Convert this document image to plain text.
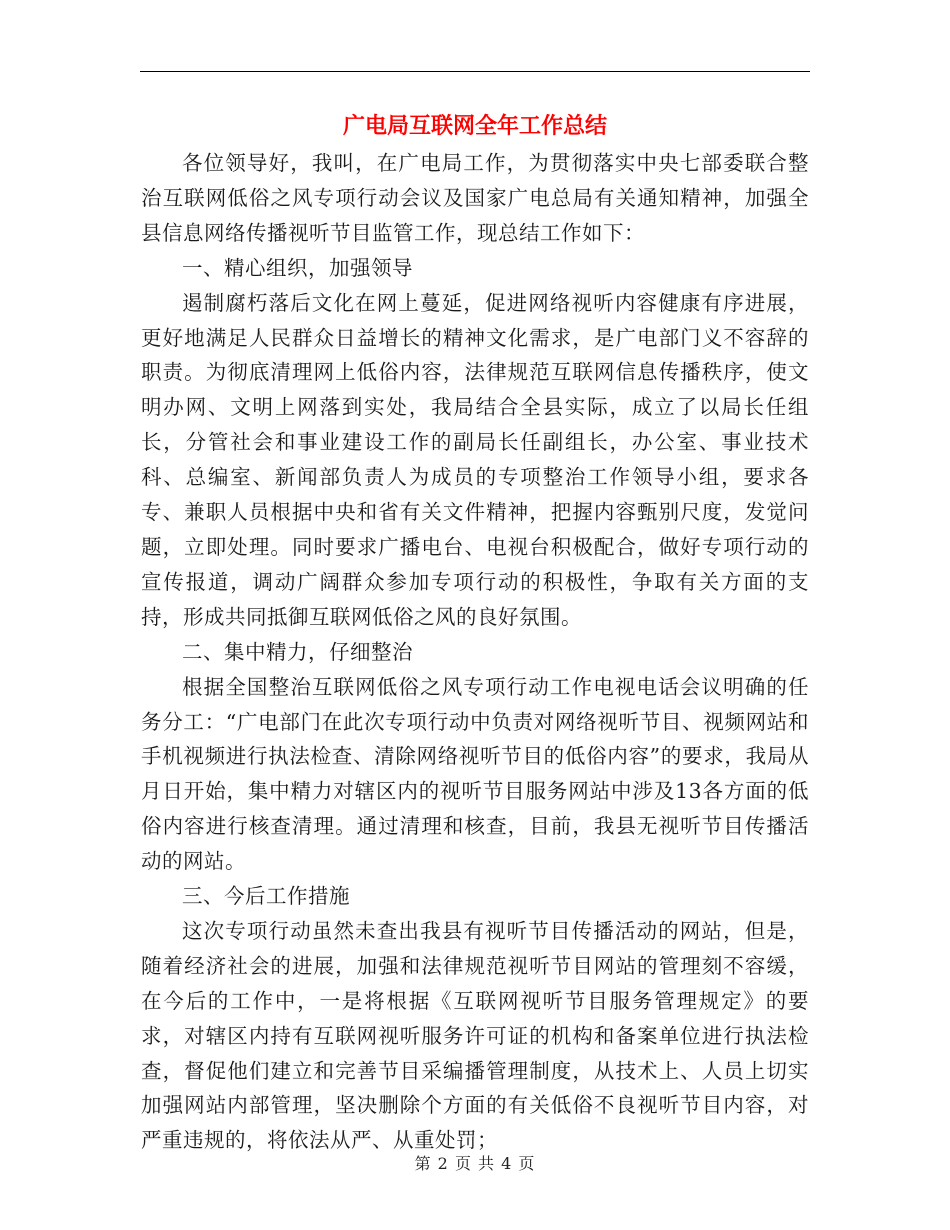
广电局互联网全年工作总结

各位领导好，我叫，在广电局工作，为贯彻落实中央七部委联合整治互联网低俗之风专项行动会议及国家广电总局有关通知精神，加强全县信息网络传播视听节目监管工作，现总结工作如下：

一、精心组织，加强领导

遏制腐朽落后文化在网上蔓延，促进网络视听内容健康有序进展，更好地满足人民群众日益增长的精神文化需求，是广电部门义不容辞的职责。为彻底清理网上低俗内容，法律规范互联网信息传播秩序，使文明办网、文明上网落到实处，我局结合全县实际，成立了以局长任组长，分管社会和事业建设工作的副局长任副组长，办公室、事业技术科、总编室、新闻部负责人为成员的专项整治工作领导小组，要求各专、兼职人员根据中央和省有关文件精神，把握内容甄别尺度，发觉问题，立即处理。同时要求广播电台、电视台积极配合，做好专项行动的宣传报道，调动广阔群众参加专项行动的积极性，争取有关方面的支持，形成共同抵御互联网低俗之风的良好氛围。

二、集中精力，仔细整治

根据全国整治互联网低俗之风专项行动工作电视电话会议明确的任务分工：“广电部门在此次专项行动中负责对网络视听节目、视频网站和手机视频进行执法检查、清除网络视听节目的低俗内容”的要求，我局从月日开始，集中精力对辖区内的视听节目服务网站中涉及13各方面的低俗内容进行核查清理。通过清理和核查，目前，我县无视听节目传播活动的网站。

三、今后工作措施

这次专项行动虽然未查出我县有视听节目传播活动的网站，但是，随着经济社会的进展，加强和法律规范视听节目网站的管理刻不容缓，在今后的工作中，一是将根据《互联网视听节目服务管理规定》的要求，对辖区内持有互联网视听服务许可证的机构和备案单位进行执法检查，督促他们建立和完善节目采编播管理制度，从技术上、人员上切实加强网站内部管理，坚决删除个方面的有关低俗不良视听节目内容，对严重违规的，将依法从严、从重处罚；

第 2 页 共 4 页
